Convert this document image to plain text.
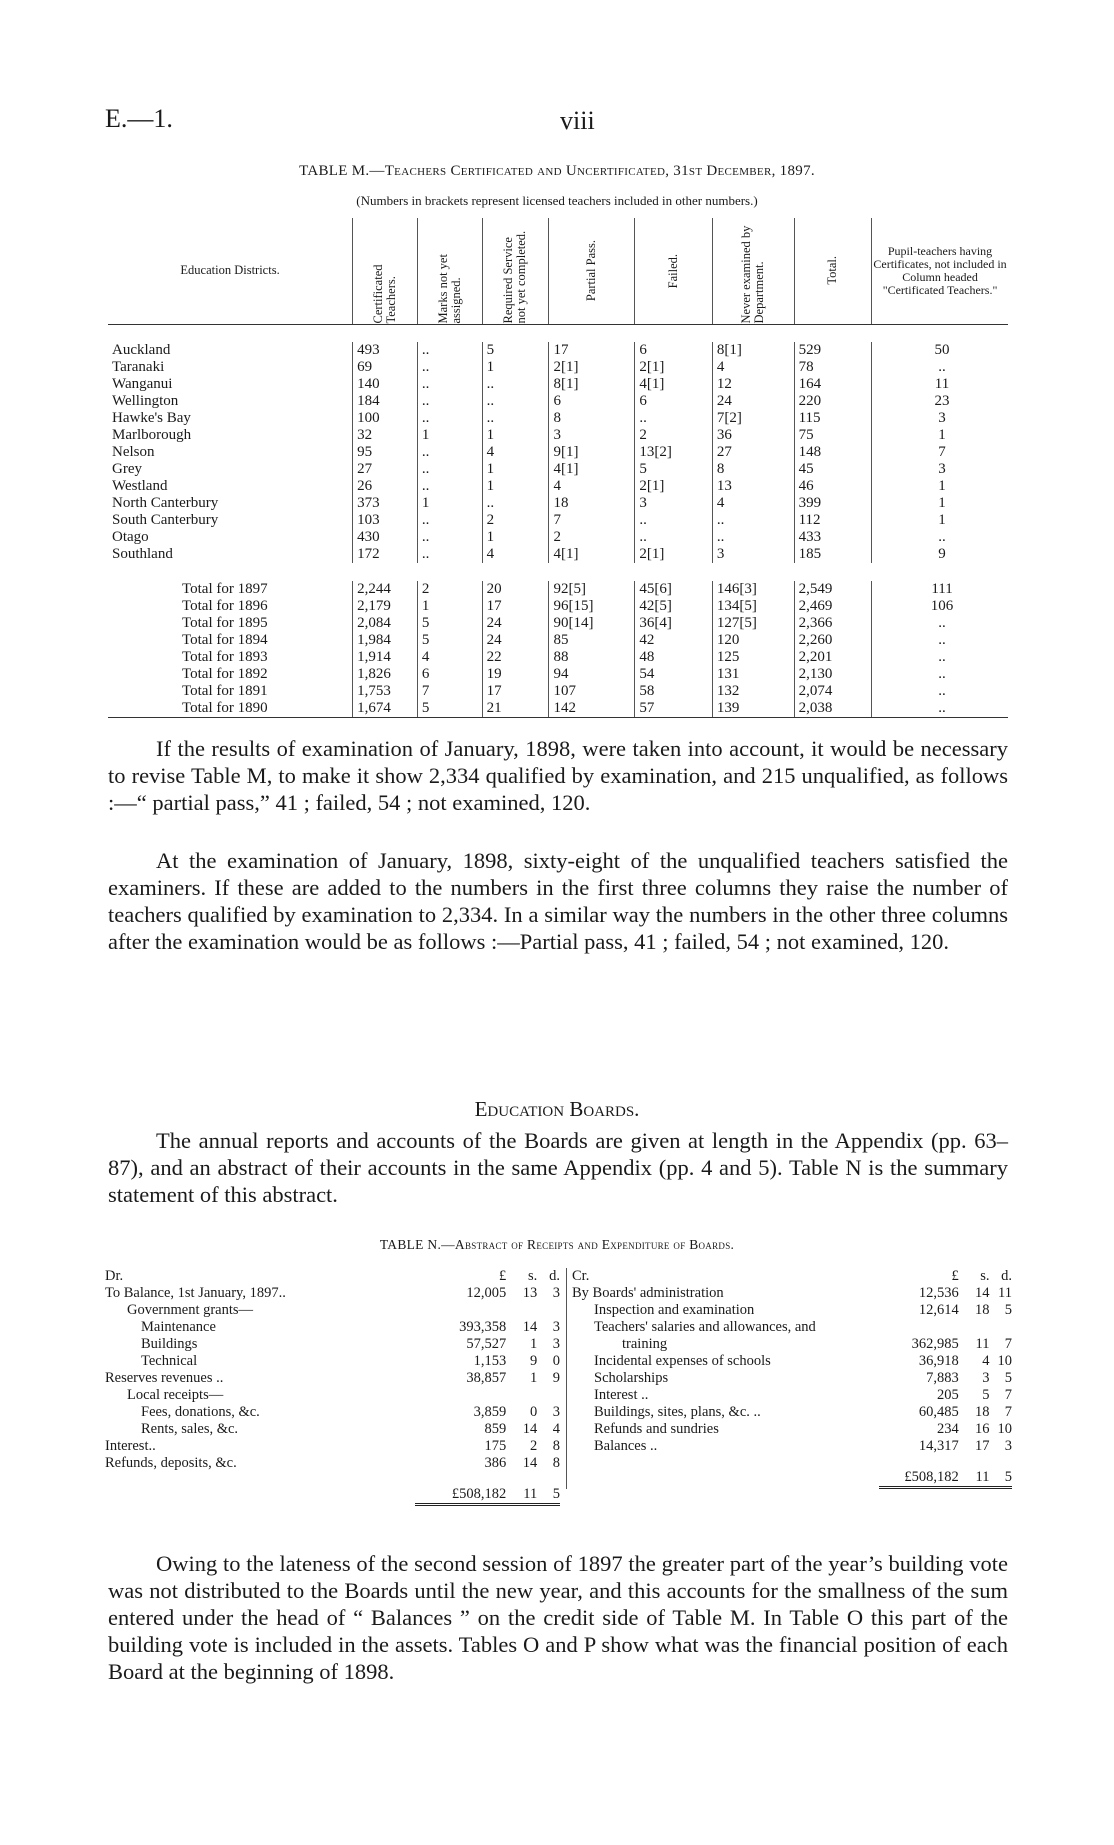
E.—1.	viii
TABLE M.—Teachers Certificated and Uncertificated, 31st December, 1897.
(Numbers in brackets represent licensed teachers included in other numbers.)
Education Districts.	Certificated Teachers.	Marks not yet assigned.	Required Service not yet completed.	Partial Pass.	Failed.	Never examined by Department.	Total.	Pupil-teachers having Certificates, not included in Column headed "Certificated Teachers."

Auckland	493	..	5	17	6	8[1]	529	50
Taranaki	69	..	1	2[1]	2[1]	4	78	..
Wanganui	140	..	..	8[1]	4[1]	12	164	11
Wellington	184	..	..	6	6	24	220	23
Hawke's Bay	100	..	..	8	..	7[2]	115	3
Marlborough	32	1	1	3	2	36	75	1
Nelson	95	..	4	9[1]	13[2]	27	148	7
Grey	27	..	1	4[1]	5	8	45	3
Westland	26	..	1	4	2[1]	13	46	1
North Canterbury	373	1	..	18	3	4	399	1
South Canterbury	103	..	2	7	..	..	112	1
Otago	430	..	1	2	..	..	433	..
Southland	172	..	4	4[1]	2[1]	3	185	9

Total for 1897	2,244	2	20	92[5]	45[6]	146[3]	2,549	111
Total for 1896	2,179	1	17	96[15]	42[5]	134[5]	2,469	106
Total for 1895	2,084	5	24	90[14]	36[4]	127[5]	2,366	..
Total for 1894	1,984	5	24	85	42	120	2,260	..
Total for 1893	1,914	4	22	88	48	125	2,201	..
Total for 1892	1,826	6	19	94	54	131	2,130	..
Total for 1891	1,753	7	17	107	58	132	2,074	..
Total for 1890	1,674	5	21	142	57	139	2,038	..

If the results of examination of January, 1898, were taken into account, it would be necessary to revise Table M, to make it show 2,334 qualified by examination, and 215 unqualified, as follows :—“ partial pass,” 41 ; failed, 54 ; not examined, 120.

At the examination of January, 1898, sixty-eight of the unqualified teachers satisfied the examiners. If these are added to the numbers in the first three columns they raise the number of teachers qualified by examination to 2,334. In a similar way the numbers in the other three columns after the examination would be as follows :—Partial pass, 41 ; failed, 54 ; not examined, 120.

Education Boards.

The annual reports and accounts of the Boards are given at length in the Appendix (pp. 63–87), and an abstract of their accounts in the same Appendix (pp. 4 and 5). Table N is the summary statement of this abstract.

TABLE N.—Abstract of Receipts and Expenditure of Boards.
Dr.	£	s.	d.
To Balance, 1st January, 1897..	12,005	13	3
Government grants—			
Maintenance	393,358	14	3
Buildings	57,527	1	3
Technical	1,153	9	0
Reserves revenues ..	38,857	1	9
Local receipts—			
Fees, donations, &c.	3,859	0	3
Rents, sales, &c.	859	14	4
Interest..	175	2	8
Refunds, deposits, &c.	386	14	8
	£508,182	11	5
Cr.	£	s.	d.
By Boards' administration	12,536	14	11
Inspection and examination	12,614	18	5
Teachers' salaries and allowances, and			
training	362,985	11	7
Incidental expenses of schools	36,918	4	10
Scholarships	7,883	3	5
Interest ..	205	5	7
Buildings, sites, plans, &c. ..	60,485	18	7
Refunds and sundries	234	16	10
Balances ..	14,317	17	3
	£508,182	11	5

Owing to the lateness of the second session of 1897 the greater part of the year’s building vote was not distributed to the Boards until the new year, and this accounts for the smallness of the sum entered under the head of “ Balances ” on the credit side of Table M. In Table O this part of the building vote is included in the assets. Tables O and P show what was the financial position of each Board at the beginning of 1898.
